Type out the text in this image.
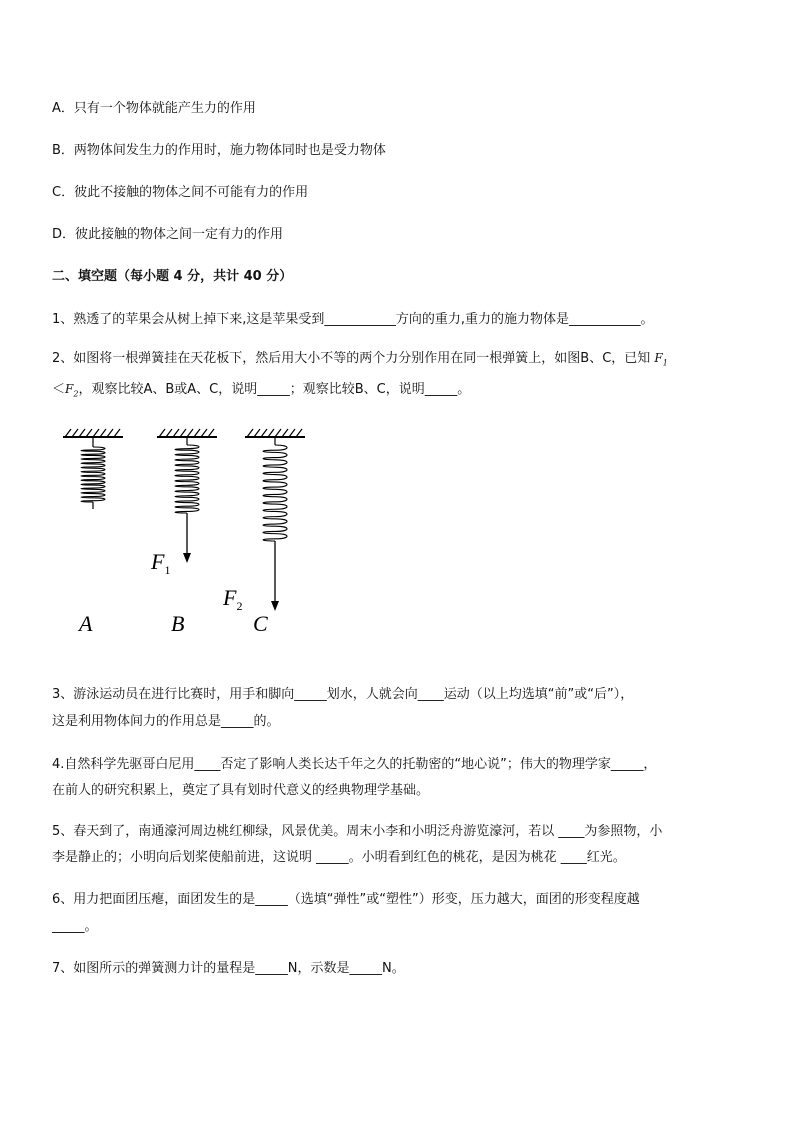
A．只有一个物体就能产生力的作用
B．两物体间发生力的作用时，施力物体同时也是受力物体
C．彼此不接触的物体之间不可能有力的作用
D．彼此接触的物体之间一定有力的作用
二、填空题（每小题 4 分，共计 40 分）
1、熟透了的苹果会从树上掉下来,这是苹果受到___________方向的重力,重力的施力物体是___________。
2、如图将一根弹簧挂在天花板下，然后用大小不等的两个力分别作用在同一根弹簧上，如图B、C，已知 $F_1$
$<F_2$，观察比较A、B或A、C，说明_____；观察比较B、C，说明_____。
$F_1$
$F_2$
A	B	C
3、游泳运动员在进行比赛时，用手和脚向_____划水，人就会向____运动（以上均选填“前”或“后”），
这是利用物体间力的作用总是_____的。
4.自然科学先驱哥白尼用____否定了影响人类长达千年之久的托勒密的“地心说”；伟大的物理学家_____，
在前人的研究积累上，奠定了具有划时代意义的经典物理学基础。
5、春天到了，南通濠河周边桃红柳绿，风景优美。周末小李和小明泛舟游览濠河，若以 ____为参照物，小
李是静止的；小明向后划桨使船前进，这说明 _____。小明看到红色的桃花，是因为桃花 ____红光。
6、用力把面团压瘪，面团发生的是_____（选填“弹性”或“塑性”）形变，压力越大，面团的形变程度越
_____。
7、如图所示的弹簧测力计的量程是_____N，示数是_____N。
